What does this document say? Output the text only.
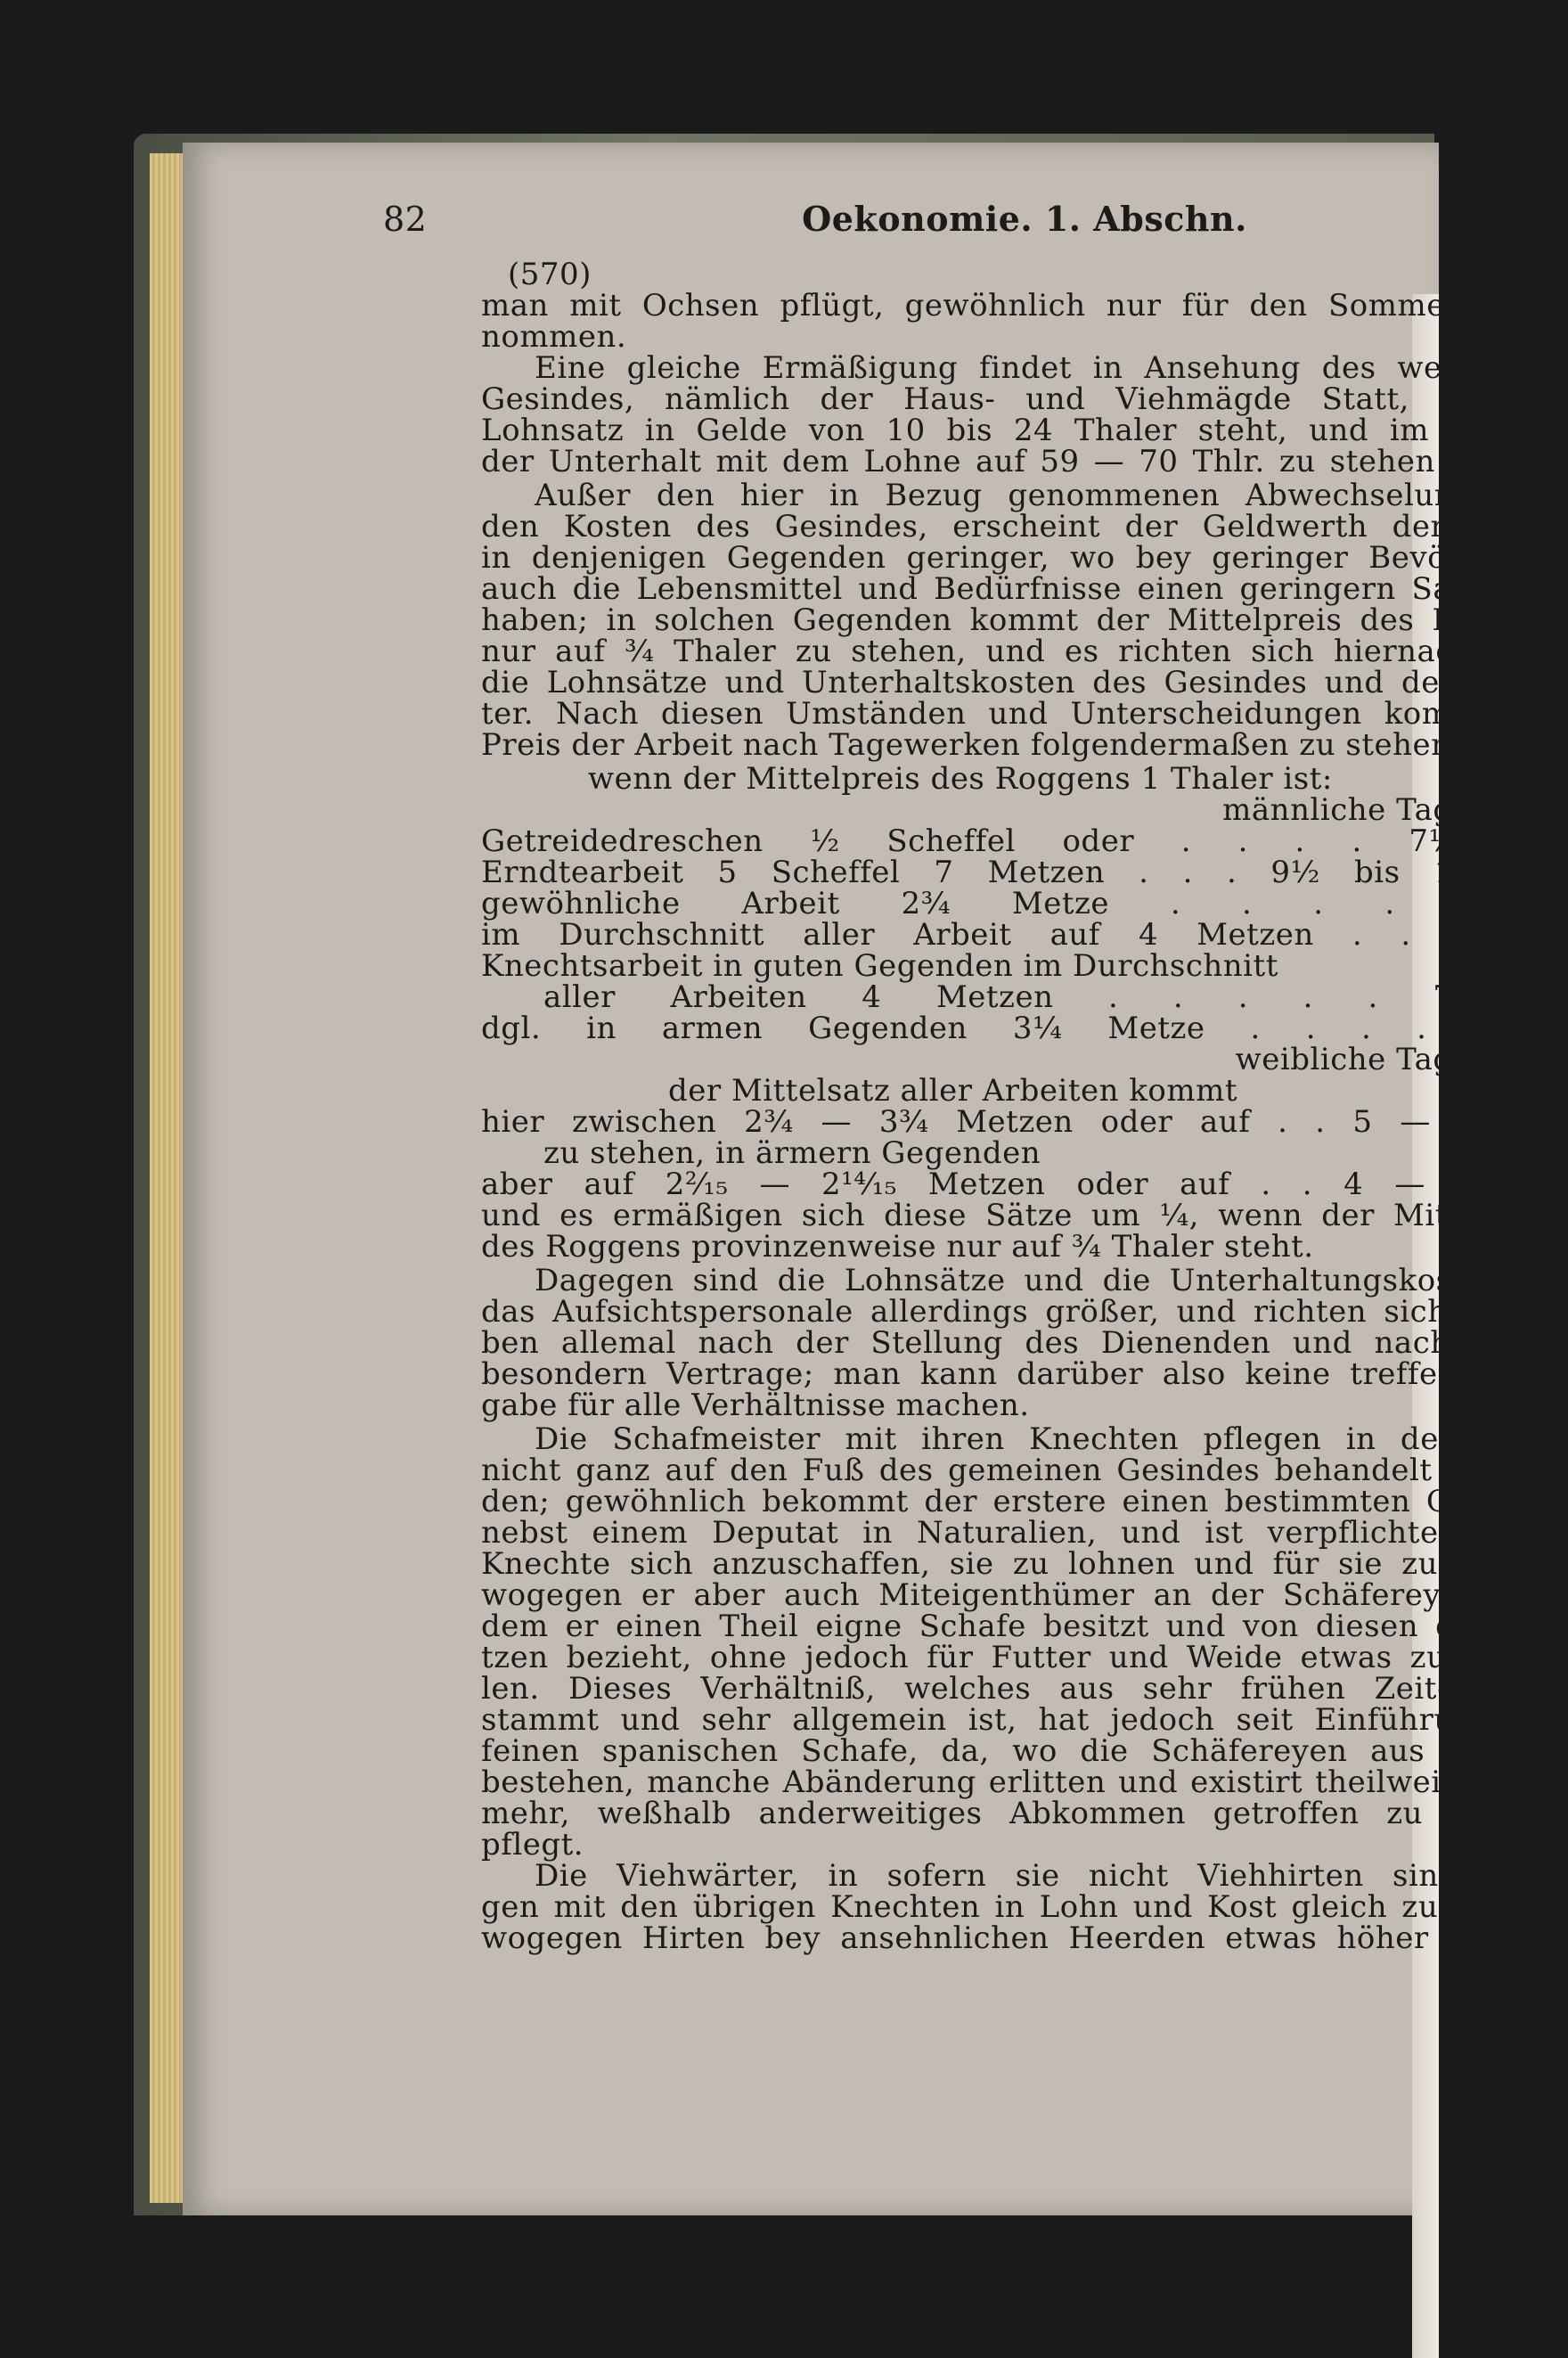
82	Oekonomie. 1. Abschn.
(570)
man mit Ochsen pflügt, gewöhnlich nur für den Sommer ange-
nommen.
Eine gleiche Ermäßigung findet in Ansehung des weiblichen
Gesindes, nämlich der Haus- und Viehmägde Statt, wo der
Lohnsatz in Gelde von 10 bis 24 Thaler steht, und im Ganzen
der Unterhalt mit dem Lohne auf 59 — 70 Thlr. zu stehen kommt.
Außer den hier in Bezug genommenen Abwechselungen in
den Kosten des Gesindes, erscheint der Geldwerth der Arbeit
in denjenigen Gegenden geringer, wo bey geringer Bevölkerung
auch die Lebensmittel und Bedürfnisse einen geringern Sachpreis
haben; in solchen Gegenden kommt der Mittelpreis des Roggens
nur auf ¾ Thaler zu stehen, und es richten sich hiernach auch
die Lohnsätze und Unterhaltskosten des Gesindes und der Arbei-
ter. Nach diesen Umständen und Unterscheidungen kommt der
Preis der Arbeit nach Tagewerken folgendermaßen zu stehen,
wenn der Mittelpreis des Roggens 1 Thaler ist:
männliche Tagewerke
Getreidedreschen ½ Scheffel oder . . . . 7½ Sgr.
Erndtearbeit 5 Scheffel 7 Metzen . . . 9½ bis 13½ —
gewöhnliche Arbeit 2¾ Metze . . . . 5 —
im Durchschnitt aller Arbeit auf 4 Metzen . . 7½ —
Knechtsarbeit in guten Gegenden im Durchschnitt
aller Arbeiten 4 Metzen . . . . . 7½ —
dgl. in armen Gegenden 3¼ Metze . . . . 6 —
weibliche Tagewerke
der Mittelsatz aller Arbeiten kommt
hier zwischen 2¾ — 3¾ Metzen oder auf . . 5 — 7 Sgr.
zu stehen, in ärmern Gegenden
aber auf 2²⁄₁₅ — 2¹⁴⁄₁₅ Metzen oder auf . . 4 — 4½ —
und es ermäßigen sich diese Sätze um ¼, wenn der Mittelpreis
des Roggens provinzenweise nur auf ¾ Thaler steht.
Dagegen sind die Lohnsätze und die Unterhaltungskosten für
das Aufsichtspersonale allerdings größer, und richten sich diesel-
ben allemal nach der Stellung des Dienenden und nach einem
besondern Vertrage; man kann darüber also keine treffende An-
gabe für alle Verhältnisse machen.
Die Schafmeister mit ihren Knechten pflegen in der Regel
nicht ganz auf den Fuß des gemeinen Gesindes behandelt zu wer-
den; gewöhnlich bekommt der erstere einen bestimmten Geldlohn
nebst einem Deputat in Naturalien, und ist verpflichtet, seine
Knechte sich anzuschaffen, sie zu lohnen und für sie zu haften,
wogegen er aber auch Miteigenthümer an der Schäferey ist, in-
dem er einen Theil eigne Schafe besitzt und von diesen den Nu-
tzen bezieht, ohne jedoch für Futter und Weide etwas zu bezah-
len. Dieses Verhältniß, welches aus sehr frühen Zeiten her-
stammt und sehr allgemein ist, hat jedoch seit Einführung der
feinen spanischen Schafe, da, wo die Schäfereyen aus solchen
bestehen, manche Abänderung erlitten und existirt theilweise nicht
mehr, weßhalb anderweitiges Abkommen getroffen zu werden
pflegt.
Die Viehwärter, in sofern sie nicht Viehhirten sind, pfle-
gen mit den übrigen Knechten in Lohn und Kost gleich zu stehen,
wogegen Hirten bey ansehnlichen Heerden etwas höher gelohnt
